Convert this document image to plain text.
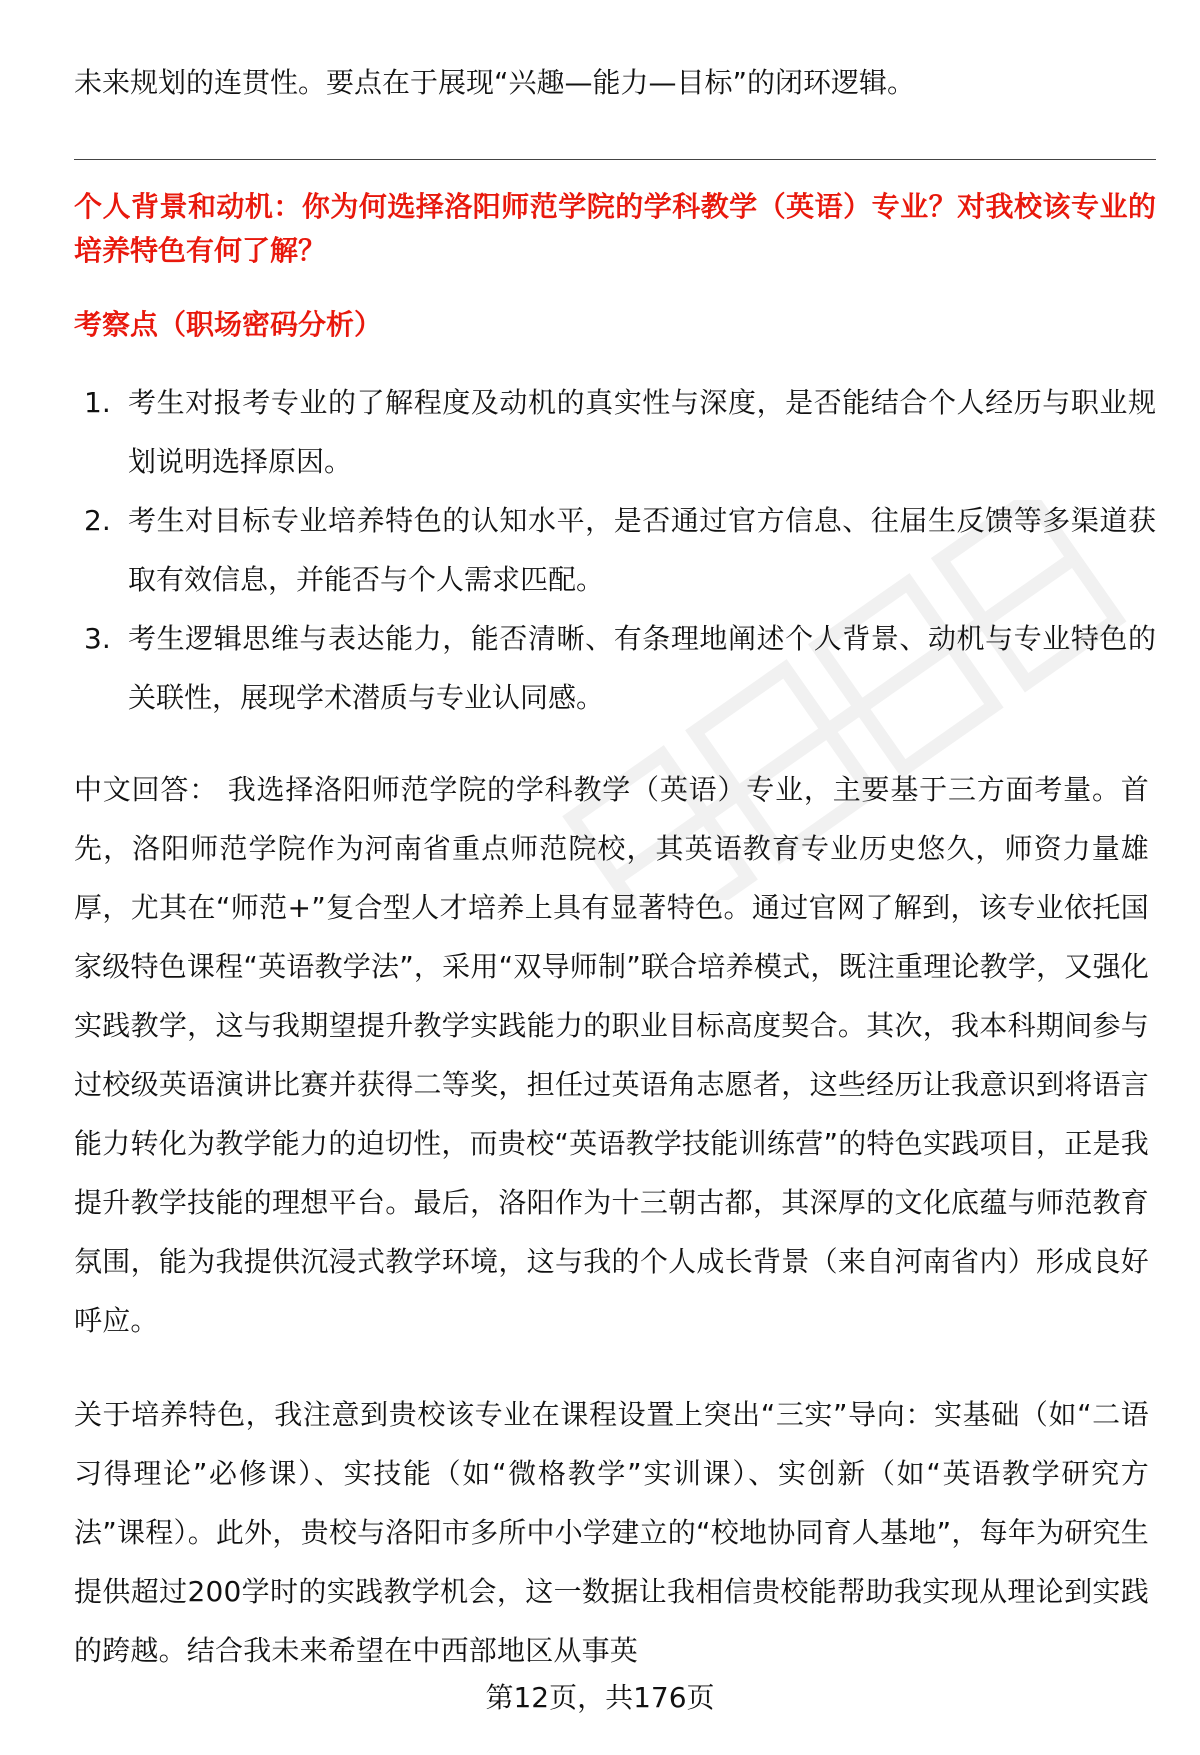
未来规划的连贯性。要点在于展现“兴趣—能力—目标”的闭环逻辑。
个人背景和动机：你为何选择洛阳师范学院的学科教学（英语）专业？对我校该专业的培养特色有何了解？
考察点（职场密码分析）
1. 考生对报考专业的了解程度及动机的真实性与深度，是否能结合个人经历与职业规划说明选择原因。
2. 考生对目标专业培养特色的认知水平，是否通过官方信息、往届生反馈等多渠道获取有效信息，并能否与个人需求匹配。
3. 考生逻辑思维与表达能力，能否清晰、有条理地阐述个人背景、动机与专业特色的关联性，展现学术潜质与专业认同感。
中文回答： 我选择洛阳师范学院的学科教学（英语）专业，主要基于三方面考量。首先，洛阳师范学院作为河南省重点师范院校，其英语教育专业历史悠久，师资力量雄厚，尤其在“师范+”复合型人才培养上具有显著特色。通过官网了解到，该专业依托国家级特色课程“英语教学法”，采用“双导师制”联合培养模式，既注重理论教学，又强化实践教学，这与我期望提升教学实践能力的职业目标高度契合。其次，我本科期间参与过校级英语演讲比赛并获得二等奖，担任过英语角志愿者，这些经历让我意识到将语言能力转化为教学能力的迫切性，而贵校“英语教学技能训练营”的特色实践项目，正是我提升教学技能的理想平台。最后，洛阳作为十三朝古都，其深厚的文化底蕴与师范教育氛围，能为我提供沉浸式教学环境，这与我的个人成长背景（来自河南省内）形成良好呼应。
关于培养特色，我注意到贵校该专业在课程设置上突出“三实”导向：实基础（如“二语习得理论”必修课）、实技能（如“微格教学”实训课）、实创新（如“英语教学研究方法”课程）。此外，贵校与洛阳市多所中小学建立的“校地协同育人基地”，每年为研究生提供超过200学时的实践教学机会，这一数据让我相信贵校能帮助我实现从理论到实践的跨越。结合我未来希望在中西部地区从事英
第12页，共176页
